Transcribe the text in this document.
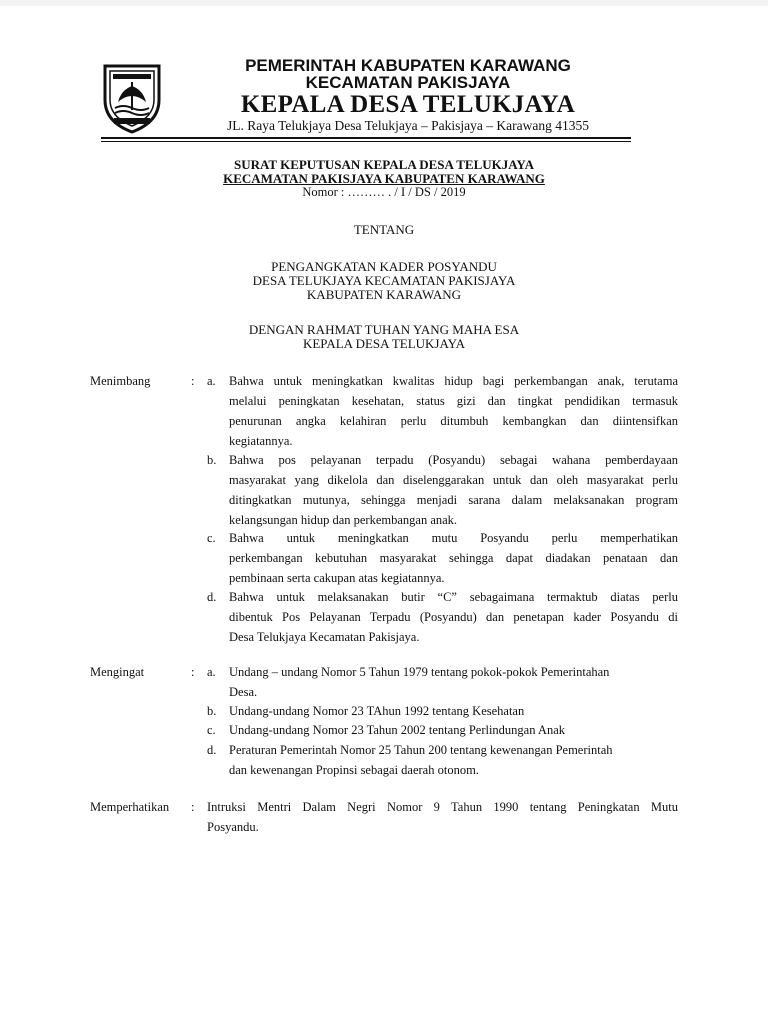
PEMERINTAH KABUPATEN KARAWANG
KECAMATAN PAKISJAYA
KEPALA DESA TELUKJAYA
JL. Raya Telukjaya Desa Telukjaya – Pakisjaya – Karawang 41355
SURAT KEPUTUSAN KEPALA DESA TELUKJAYA
KECAMATAN PAKISJAYA KABUPATEN KARAWANG
Nomor : ……… . / I / DS / 2019
TENTANG
PENGANGKATAN KADER POSYANDU
DESA TELUKJAYA KECAMATAN PAKISJAYA
KABUPATEN KARAWANG
DENGAN RAHMAT TUHAN YANG MAHA ESA
KEPALA DESA TELUKJAYA
Menimbang	: a. Bahwa untuk meningkatkan kwalitas hidup bagi perkembangan anak, terutama
melalui peningkatan kesehatan, status gizi dan tingkat pendidikan termasuk
penurunan angka kelahiran perlu ditumbuh kembangkan dan diintensifkan
kegiatannya.
b. Bahwa pos pelayanan terpadu (Posyandu) sebagai wahana pemberdayaan
masyarakat yang dikelola dan diselenggarakan untuk dan oleh masyarakat perlu
ditingkatkan mutunya, sehingga menjadi sarana dalam melaksanakan program
kelangsungan hidup dan perkembangan anak.
c. Bahwa untuk meningkatkan mutu Posyandu perlu memperhatikan
perkembangan kebutuhan masyarakat sehingga dapat diadakan penataan dan
pembinaan serta cakupan atas kegiatannya.
d. Bahwa untuk melaksanakan butir “C” sebagaimana termaktub diatas perlu
dibentuk Pos Pelayanan Terpadu (Posyandu) dan penetapan kader Posyandu di
Desa Telukjaya Kecamatan Pakisjaya.
Mengingat	: a. Undang – undang Nomor 5 Tahun 1979 tentang pokok-pokok Pemerintahan
Desa.
b. Undang-undang Nomor 23 TAhun 1992 tentang Kesehatan
c. Undang-undang Nomor 23 Tahun 2002 tentang Perlindungan Anak
d. Peraturan Pemerintah Nomor 25 Tahun 200 tentang kewenangan Pemerintah
dan kewenangan Propinsi sebagai daerah otonom.
Memperhatikan : Intruksi Mentri Dalam Negri Nomor 9 Tahun 1990 tentang Peningkatan Mutu
Posyandu.
